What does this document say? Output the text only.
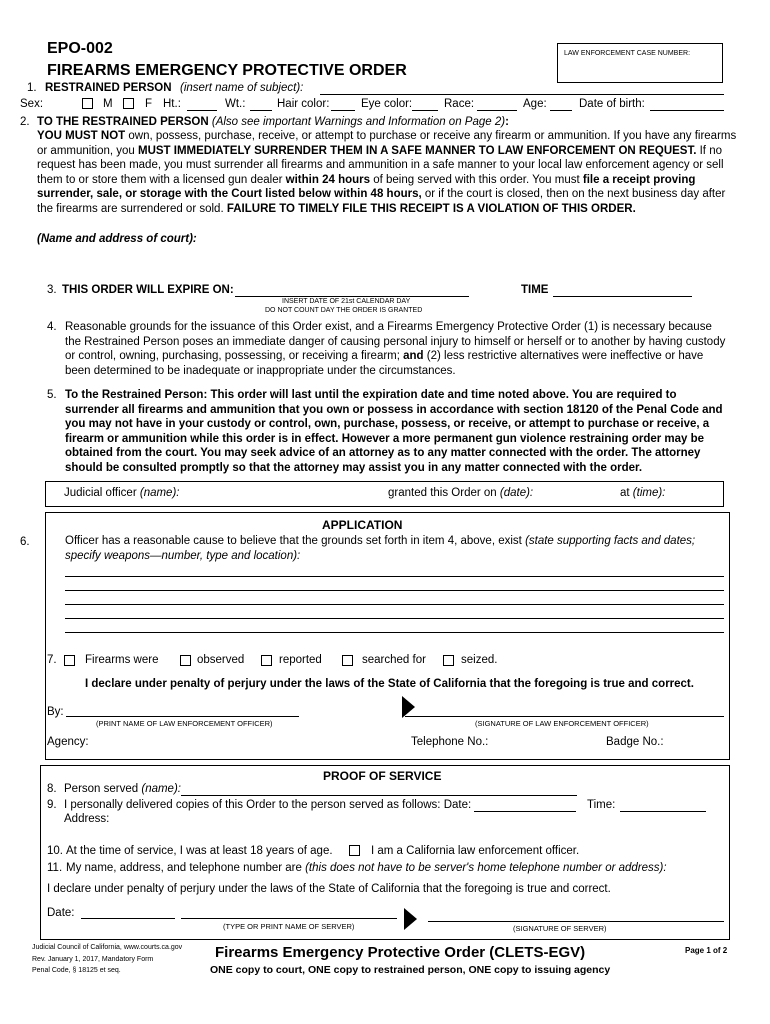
EPO-002
FIREARMS EMERGENCY PROTECTIVE ORDER
LAW ENFORCEMENT CASE NUMBER:
1. RESTRAINED PERSON (insert name of subject):
Sex:	M	F Ht.:	Wt.:	Hair color:	Eye color:	Race:	Age:	Date of birth:
2. TO THE RESTRAINED PERSON (Also see important Warnings and Information on Page 2):
YOU MUST NOT own, possess, purchase, receive, or attempt to purchase or receive any firearm or ammunition. If you have any firearms or ammunition, you MUST IMMEDIATELY SURRENDER THEM IN A SAFE MANNER TO LAW ENFORCEMENT ON REQUEST. If no request has been made, you must surrender all firearms and ammunition in a safe manner to your local law enforcement agency or sell them to or store them with a licensed gun dealer within 24 hours of being served with this order. You must file a receipt proving surrender, sale, or storage with the Court listed below within 48 hours, or if the court is closed, then on the next business day after the firearms are surrendered or sold. FAILURE TO TIMELY FILE THIS RECEIPT IS A VIOLATION OF THIS ORDER.
(Name and address of court):
3. THIS ORDER WILL EXPIRE ON:	TIME
INSERT DATE OF 21st CALENDAR DAY
DO NOT COUNT DAY THE ORDER IS GRANTED
4. Reasonable grounds for the issuance of this Order exist, and a Firearms Emergency Protective Order (1) is necessary because the Restrained Person poses an immediate danger of causing personal injury to himself or herself or to another by having custody or control, owning, purchasing, possessing, or receiving a firearm; and (2) less restrictive alternatives were ineffective or have been determined to be inadequate or inappropriate under the circumstances.
5. To the Restrained Person: This order will last until the expiration date and time noted above. You are required to surrender all firearms and ammunition that you own or possess in accordance with section 18120 of the Penal Code and you may not have in your custody or control, own, purchase, possess, or receive, or attempt to purchase or receive, a firearm or ammunition while this order is in effect. However a more permanent gun violence restraining order may be obtained from the court. You may seek advice of an attorney as to any matter connected with the order. The attorney should be consulted promptly so that the attorney may assist you in any matter connected with the order.
Judicial officer (name):	granted this Order on (date):	at (time):
APPLICATION
6.	Officer has a reasonable cause to believe that the grounds set forth in item 4, above, exist (state supporting facts and dates; specify weapons—number, type and location):
7. Firearms were	observed	reported	searched for	seized.
I declare under penalty of perjury under the laws of the State of California that the foregoing is true and correct.
By:
(PRINT NAME OF LAW ENFORCEMENT OFFICER)	(SIGNATURE OF LAW ENFORCEMENT OFFICER)
Agency:	Telephone No.:	Badge No.:
PROOF OF SERVICE
8. Person served (name):
9. I personally delivered copies of this Order to the person served as follows: Date:	Time:
Address:
10. At the time of service, I was at least 18 years of age.	I am a California law enforcement officer.
11. My name, address, and telephone number are (this does not have to be server's home telephone number or address):
I declare under penalty of perjury under the laws of the State of California that the foregoing is true and correct.
Date:
(TYPE OR PRINT NAME OF SERVER)	(SIGNATURE OF SERVER)
Judicial Council of California, www.courts.ca.gov
Rev. January 1, 2017, Mandatory Form
Penal Code, § 18125 et seq.
Firearms Emergency Protective Order (CLETS-EGV)
ONE copy to court, ONE copy to restrained person, ONE copy to issuing agency
Page 1 of 2
